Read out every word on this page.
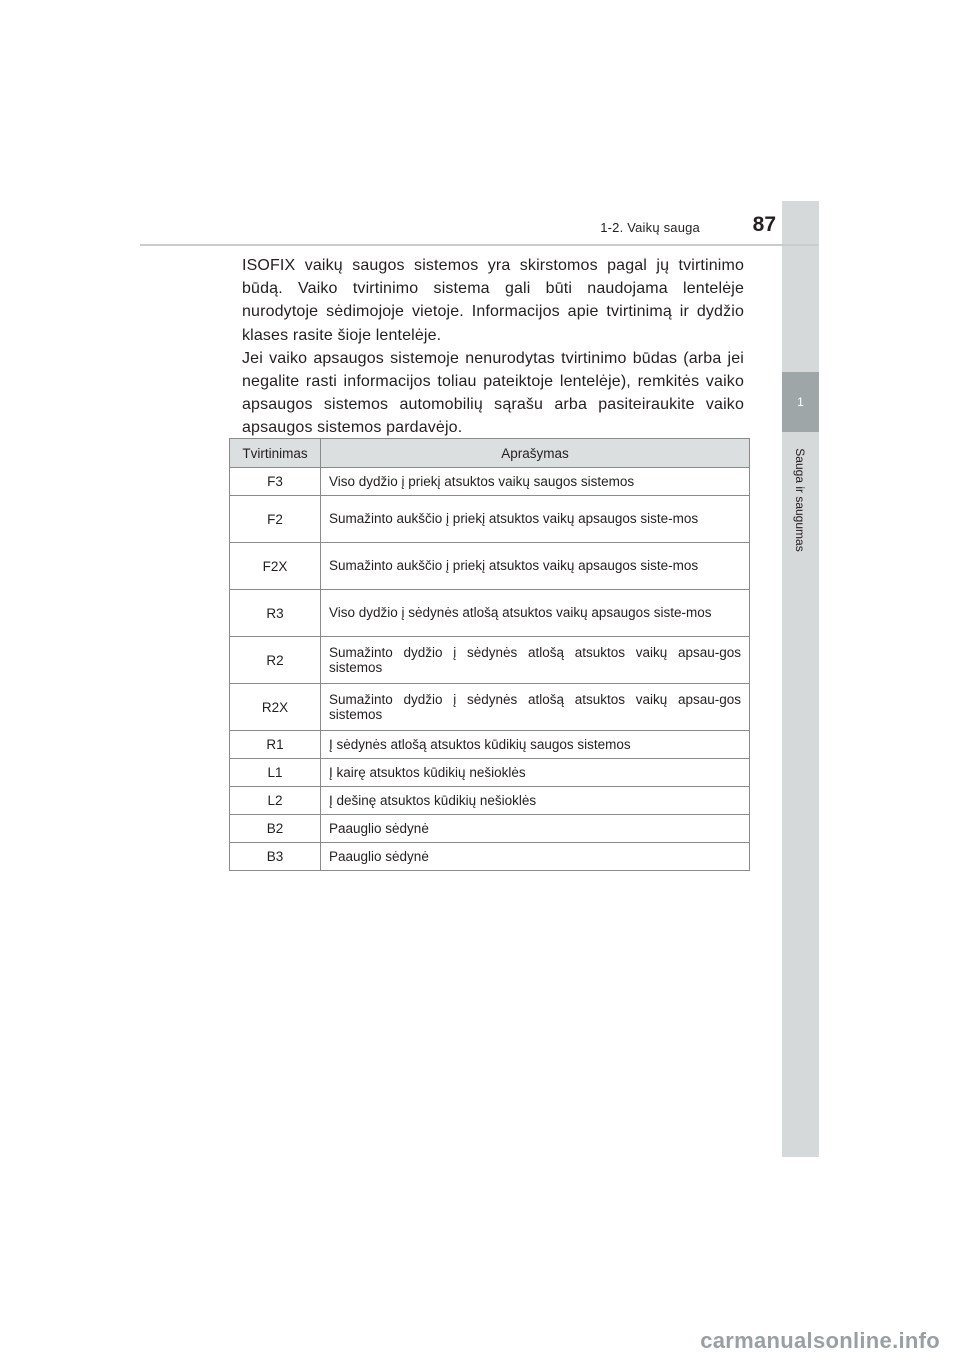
1
Sauga ir saugumas
1-2. Vaikų sauga	87

ISOFIX vaikų saugos sistemos yra skirstomos pagal jų tvirtinimo būdą. Vaiko tvirtinimo sistema gali būti naudojama lentelėje nurodytoje sėdimojoje vietoje. Informacijos apie tvirtinimą ir dydžio klases rasite šioje lentelėje.

Jei vaiko apsaugos sistemoje nenurodytas tvirtinimo būdas (arba jei negalite rasti informacijos toliau pateiktoje lentelėje), remkitės vaiko apsaugos sistemos automobilių sąrašu arba pasiteiraukite vaiko apsaugos sistemos pardavėjo.

Tvirtinimas	Aprašymas
F3	Viso dydžio į priekį atsuktos vaikų saugos sistemos
F2	Sumažinto aukščio į priekį atsuktos vaikų apsaugos siste-mos
F2X	Sumažinto aukščio į priekį atsuktos vaikų apsaugos siste-mos
R3	Viso dydžio į sėdynės atlošą atsuktos vaikų apsaugos siste-mos
R2	Sumažinto dydžio į sėdynės atlošą atsuktos vaikų apsau-gos sistemos
R2X	Sumažinto dydžio į sėdynės atlošą atsuktos vaikų apsau-gos sistemos
R1	Į sėdynės atlošą atsuktos kūdikių saugos sistemos
L1	Į kairę atsuktos kūdikių nešioklės
L2	Į dešinę atsuktos kūdikių nešioklės
B2	Paauglio sėdynė
B3	Paauglio sėdynė
carmanualsonline.info
